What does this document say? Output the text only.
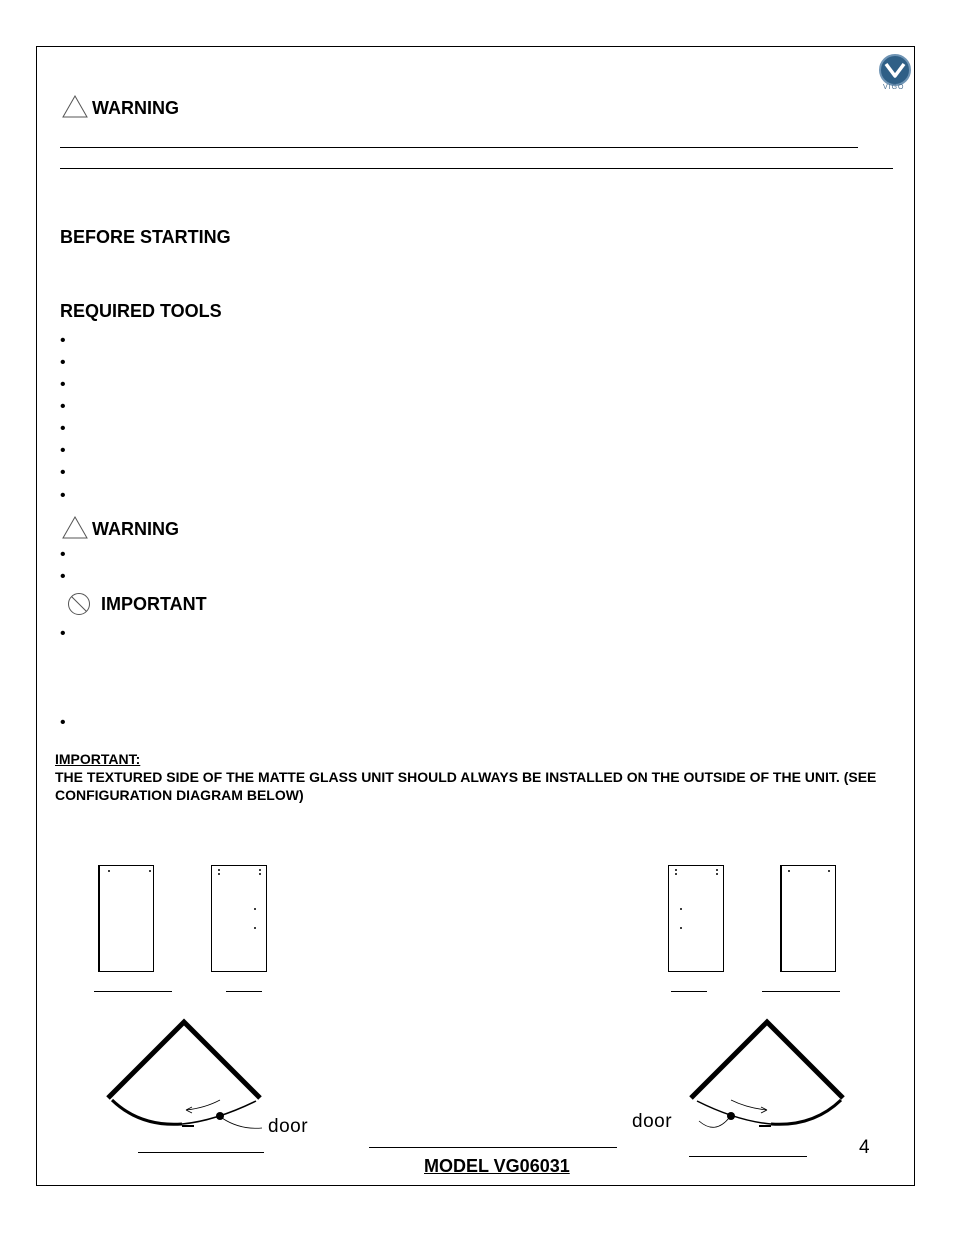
VIGO
WARNING
BEFORE STARTING
REQUIRED TOOLS
•
•
•
•
•
•
•
•
WARNING
•
•
IMPORTANT
•
•
IMPORTANT:
THE TEXTURED SIDE OF THE MATTE GLASS UNIT SHOULD ALWAYS BE INSTALLED ON THE OUTSIDE OF THE UNIT. (SEE CONFIGURATION DIAGRAM BELOW)
door	door
MODEL VG06031
4
